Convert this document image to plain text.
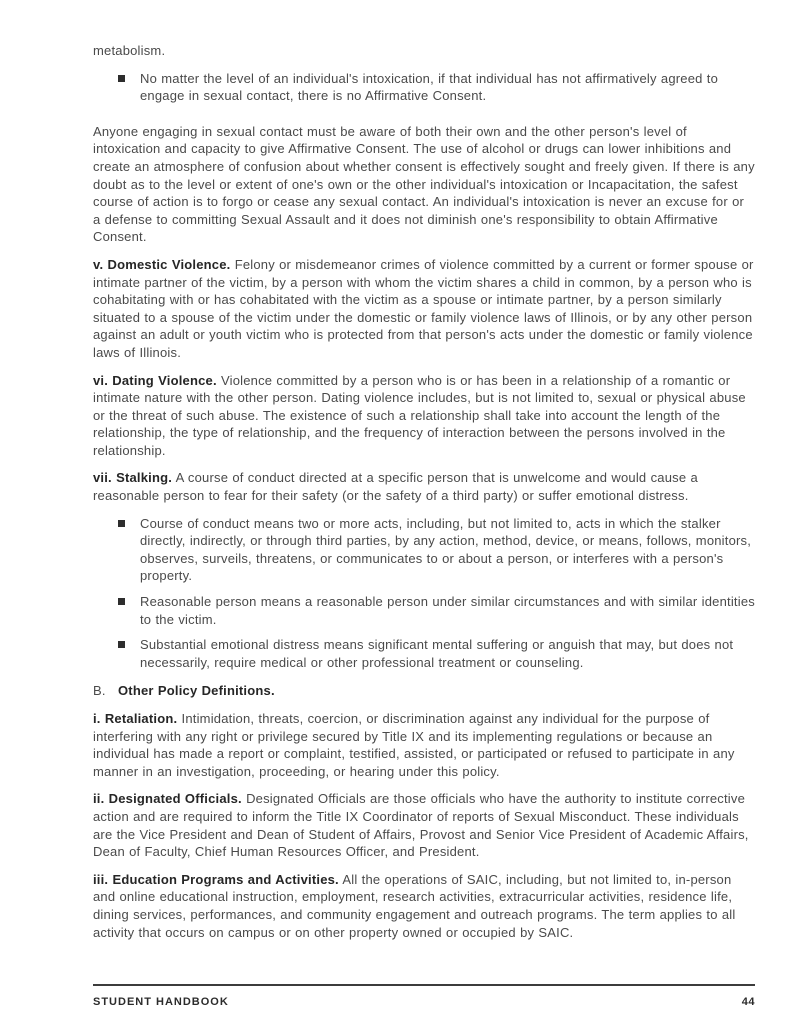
metabolism.

No matter the level of an individual's intoxication, if that individual has not affirmatively agreed to engage in sexual contact, there is no Affirmative Consent.

Anyone engaging in sexual contact must be aware of both their own and the other person's level of intoxication and capacity to give Affirmative Consent. The use of alcohol or drugs can lower inhibitions and create an atmosphere of confusion about whether consent is effectively sought and freely given. If there is any doubt as to the level or extent of one's own or the other individual's intoxication or Incapacitation, the safest course of action is to forgo or cease any sexual contact. An individual's intoxication is never an excuse for or a defense to committing Sexual Assault and it does not diminish one's responsibility to obtain Affirmative Consent.

v. Domestic Violence. Felony or misdemeanor crimes of violence committed by a current or former spouse or intimate partner of the victim, by a person with whom the victim shares a child in common, by a person who is cohabitating with or has cohabitated with the victim as a spouse or intimate partner, by a person similarly situated to a spouse of the victim under the domestic or family violence laws of Illinois, or by any other person against an adult or youth victim who is protected from that person's acts under the domestic or family violence laws of Illinois.

vi. Dating Violence. Violence committed by a person who is or has been in a relationship of a romantic or intimate nature with the other person. Dating violence includes, but is not limited to, sexual or physical abuse or the threat of such abuse. The existence of such a relationship shall take into account the length of the relationship, the type of relationship, and the frequency of interaction between the persons involved in the relationship.

vii. Stalking. A course of conduct directed at a specific person that is unwelcome and would cause a reasonable person to fear for their safety (or the safety of a third party) or suffer emotional distress.

Course of conduct means two or more acts, including, but not limited to, acts in which the stalker directly, indirectly, or through third parties, by any action, method, device, or means, follows, monitors, observes, surveils, threatens, or communicates to or about a person, or interferes with a person's property.

Reasonable person means a reasonable person under similar circumstances and with similar identities to the victim.

Substantial emotional distress means significant mental suffering or anguish that may, but does not necessarily, require medical or other professional treatment or counseling.

B. Other Policy Definitions.

i. Retaliation. Intimidation, threats, coercion, or discrimination against any individual for the purpose of interfering with any right or privilege secured by Title IX and its implementing regulations or because an individual has made a report or complaint, testified, assisted, or participated or refused to participate in any manner in an investigation, proceeding, or hearing under this policy.

ii. Designated Officials. Designated Officials are those officials who have the authority to institute corrective action and are required to inform the Title IX Coordinator of reports of Sexual Misconduct. These individuals are the Vice President and Dean of Student of Affairs, Provost and Senior Vice President of Academic Affairs, Dean of Faculty, Chief Human Resources Officer, and President.

iii. Education Programs and Activities. All the operations of SAIC, including, but not limited to, in-person and online educational instruction, employment, research activities, extracurricular activities, residence life, dining services, performances, and community engagement and outreach programs. The term applies to all activity that occurs on campus or on other property owned or occupied by SAIC.

STUDENT HANDBOOK	44
